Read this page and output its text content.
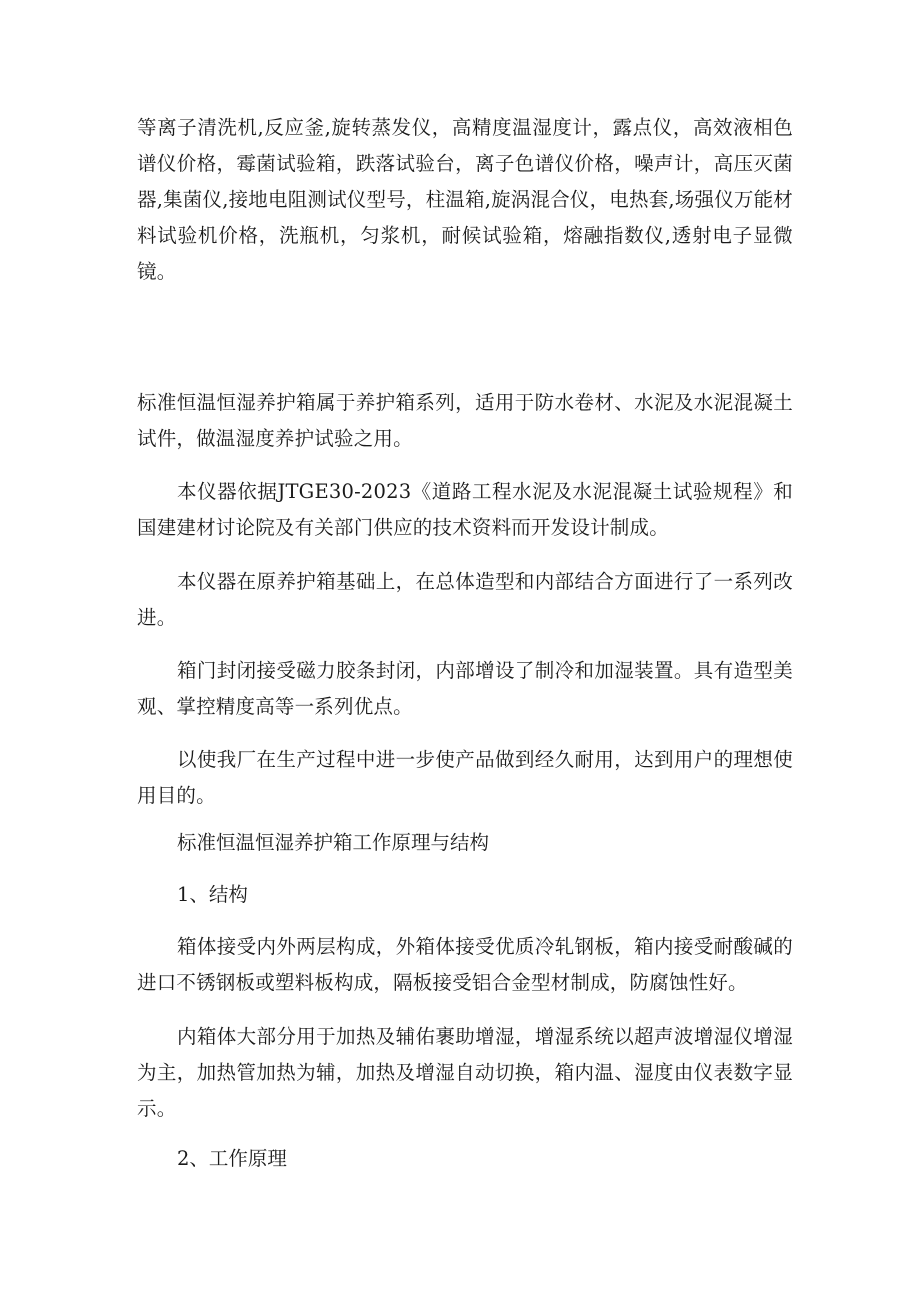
等离子清洗机,反应釜,旋转蒸发仪，高精度温湿度计，露点仪，高效液相色谱仪价格，霉菌试验箱，跌落试验台，离子色谱仪价格，噪声计，高压灭菌器,集菌仪,接地电阻测试仪型号，柱温箱,旋涡混合仪，电热套,场强仪万能材料试验机价格，洗瓶机，匀浆机，耐候试验箱，熔融指数仪,透射电子显微镜。

标准恒温恒湿养护箱属于养护箱系列，适用于防水卷材、水泥及水泥混凝土试件，做温湿度养护试验之用。

本仪器依据JTGE30-2023《道路工程水泥及水泥混凝土试验规程》和国建建材讨论院及有关部门供应的技术资料而开发设计制成。

本仪器在原养护箱基础上，在总体造型和内部结合方面进行了一系列改进。

箱门封闭接受磁力胶条封闭，内部增设了制冷和加湿装置。具有造型美观、掌控精度高等一系列优点。

以使我厂在生产过程中进一步使产品做到经久耐用，达到用户的理想使用目的。

标准恒温恒湿养护箱工作原理与结构

1、结构

箱体接受内外两层构成，外箱体接受优质冷轧钢板，箱内接受耐酸碱的进口不锈钢板或塑料板构成，隔板接受铝合金型材制成，防腐蚀性好。

内箱体大部分用于加热及辅佑裹助增湿，增湿系统以超声波增湿仪增湿为主，加热管加热为辅，加热及增湿自动切换，箱内温、湿度由仪表数字显示。

2、工作原理
